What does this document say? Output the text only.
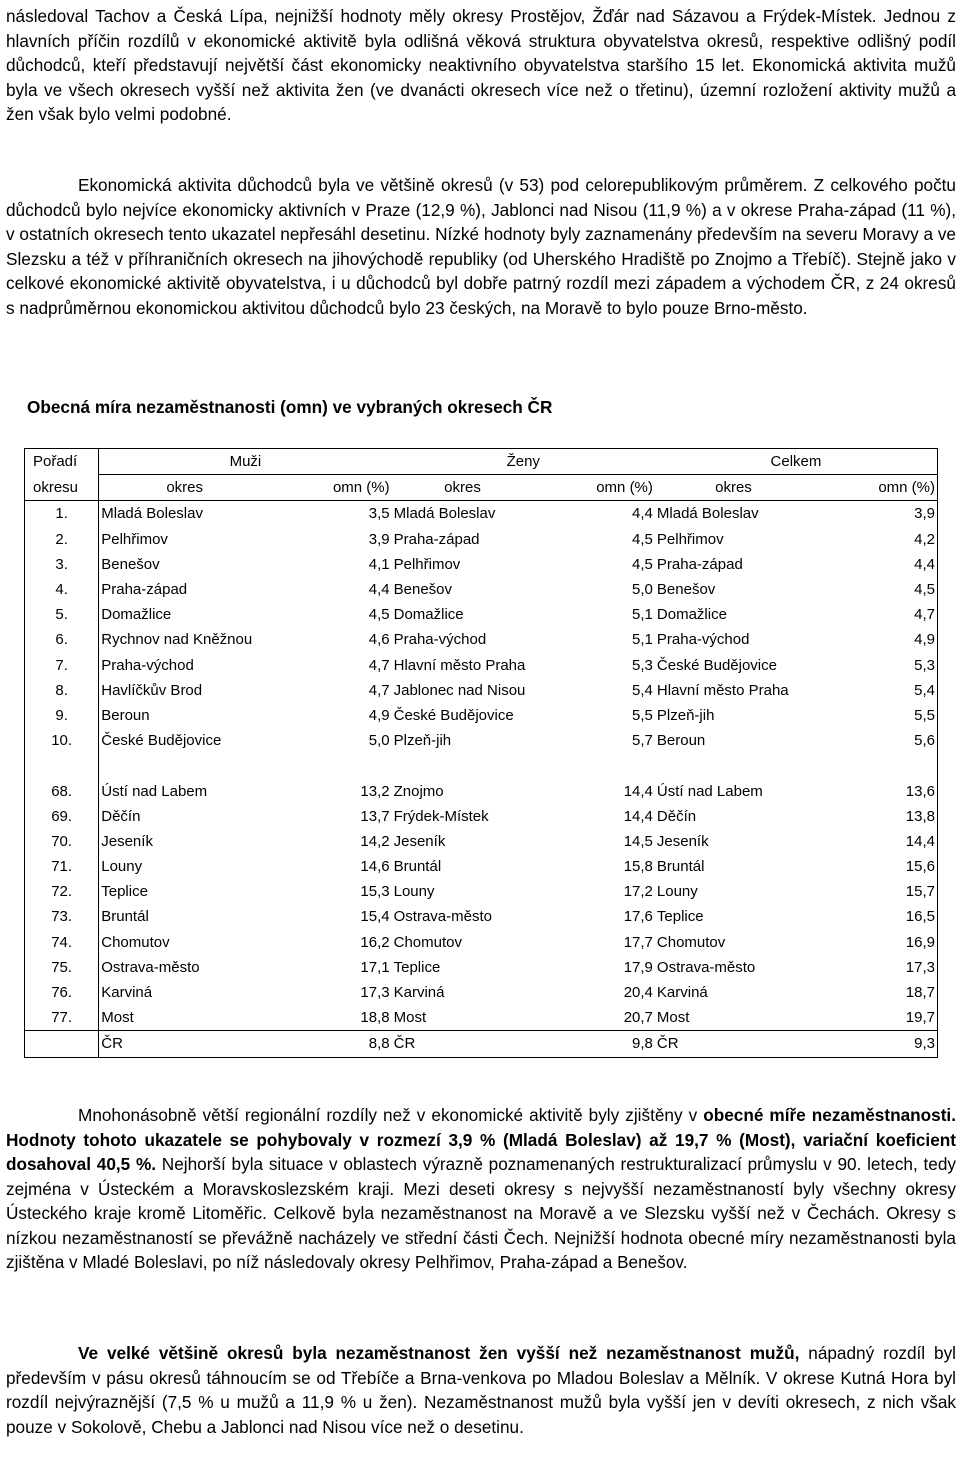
následoval Tachov a Česká Lípa, nejnižší hodnoty měly okresy Prostějov, Žďár nad Sázavou a Frýdek-Místek. Jednou z hlavních příčin rozdílů v ekonomické aktivitě byla odlišná věková struktura obyvatelstva okresů, respektive odlišný podíl důchodců, kteří představují největší část ekonomicky neaktivního obyvatelstva staršího 15 let. Ekonomická aktivita mužů byla ve všech okresech vyšší než aktivita žen (ve dvanácti okresech více než o třetinu), územní rozložení aktivity mužů a žen však bylo velmi podobné.

Ekonomická aktivita důchodců byla ve většině okresů (v 53) pod celorepublikovým průměrem. Z celkového počtu důchodců bylo nejvíce ekonomicky aktivních v Praze (12,9 %), Jablonci nad Nisou (11,9 %) a v okrese Praha-západ (11 %), v ostatních okresech tento ukazatel nepřesáhl desetinu. Nízké hodnoty byly zaznamenány především na severu Moravy a ve Slezsku a též v příhraničních okresech na jihovýchodě republiky (od Uherského Hradiště po Znojmo a Třebíč). Stejně jako v celkové ekonomické aktivitě obyvatelstva, i u důchodců byl dobře patrný rozdíl mezi západem a východem ČR, z 24 okresů s nadprůměrnou ekonomickou aktivitou důchodců bylo 23 českých, na Moravě to bylo pouze Brno-město.

Obecná míra nezaměstnanosti (omn) ve vybraných okresech ČR
Pořadí	Muži		Ženy		Celkem	
okresu	okres	omn (%)	okres	omn (%)	okres	omn (%)
1.	Mladá Boleslav	3,5	Mladá Boleslav	4,4	Mladá Boleslav	3,9
2.	Pelhřimov	3,9	Praha-západ	4,5	Pelhřimov	4,2
3.	Benešov	4,1	Pelhřimov	4,5	Praha-západ	4,4
4.	Praha-západ	4,4	Benešov	5,0	Benešov	4,5
5.	Domažlice	4,5	Domažlice	5,1	Domažlice	4,7
6.	Rychnov nad Kněžnou	4,6	Praha-východ	5,1	Praha-východ	4,9
7.	Praha-východ	4,7	Hlavní město Praha	5,3	České Budějovice	5,3
8.	Havlíčkův Brod	4,7	Jablonec nad Nisou	5,4	Hlavní město Praha	5,4
9.	Beroun	4,9	České Budějovice	5,5	Plzeň-jih	5,5
10.	České Budějovice	5,0	Plzeň-jih	5,7	Beroun	5,6

68.	Ústí nad Labem	13,2	Znojmo	14,4	Ústí nad Labem	13,6
69.	Děčín	13,7	Frýdek-Místek	14,4	Děčín	13,8
70.	Jeseník	14,2	Jeseník	14,5	Jeseník	14,4
71.	Louny	14,6	Bruntál	15,8	Bruntál	15,6
72.	Teplice	15,3	Louny	17,2	Louny	15,7
73.	Bruntál	15,4	Ostrava-město	17,6	Teplice	16,5
74.	Chomutov	16,2	Chomutov	17,7	Chomutov	16,9
75.	Ostrava-město	17,1	Teplice	17,9	Ostrava-město	17,3
76.	Karviná	17,3	Karviná	20,4	Karviná	18,7
77.	Most	18,8	Most	20,7	Most	19,7
	ČR	8,8	ČR	9,8	ČR	9,3

Mnohonásobně větší regionální rozdíly než v ekonomické aktivitě byly zjištěny v obecné míře nezaměstnanosti. Hodnoty tohoto ukazatele se pohybovaly v rozmezí 3,9 % (Mladá Boleslav) až 19,7 % (Most), variační koeficient dosahoval 40,5 %. Nejhorší byla situace v oblastech výrazně poznamenaných restrukturalizací průmyslu v 90. letech, tedy zejména v Ústeckém a Moravskoslezském kraji. Mezi deseti okresy s nejvyšší nezaměstnaností byly všechny okresy Ústeckého kraje kromě Litoměřic. Celkově byla nezaměstnanost na Moravě a ve Slezsku vyšší než v Čechách. Okresy s nízkou nezaměstnaností se převážně nacházely ve střední části Čech. Nejnižší hodnota obecné míry nezaměstnanosti byla zjištěna v Mladé Boleslavi, po níž následovaly okresy Pelhřimov, Praha-západ a Benešov.

Ve velké většině okresů byla nezaměstnanost žen vyšší než nezaměstnanost mužů, nápadný rozdíl byl především v pásu okresů táhnoucím se od Třebíče a Brna-venkova po Mladou Boleslav a Mělník. V okrese Kutná Hora byl rozdíl nejvýraznější (7,5 % u mužů a 11,9 % u žen). Nezaměstnanost mužů byla vyšší jen v devíti okresech, z nich však pouze v Sokolově, Chebu a Jablonci nad Nisou více než o desetinu.
